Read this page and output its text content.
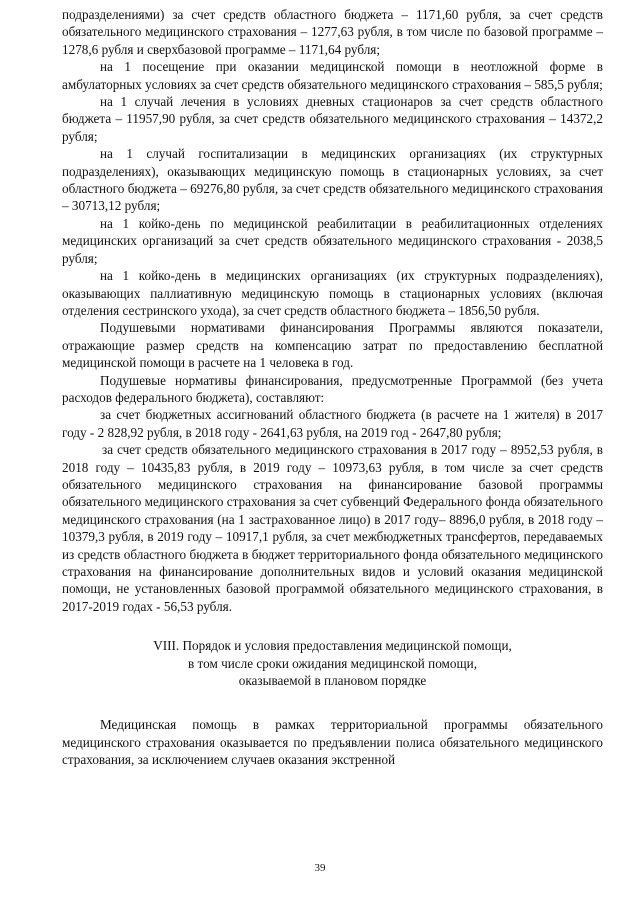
подразделениями) за счет средств областного бюджета – 1171,60 рубля, за счет средств обязательного медицинского страхования – 1277,63 рубля, в том числе по базовой программе – 1278,6 рубля и сверхбазовой программе – 1171,64 рубля;

на 1 посещение при оказании медицинской помощи в неотложной форме в амбулаторных условиях за счет средств обязательного медицинского страхования – 585,5 рубля;

на 1 случай лечения в условиях дневных стационаров за счет средств областного бюджета – 11957,90 рубля, за счет средств обязательного медицинского страхования – 14372,2 рубля;

на 1 случай госпитализации в медицинских организациях (их структурных подразделениях), оказывающих медицинскую помощь в стационарных условиях, за счет областного бюджета – 69276,80 рубля, за счет средств обязательного медицинского страхования – 30713,12 рубля;

на 1 койко-день по медицинской реабилитации в реабилитационных отделениях медицинских организаций за счет средств обязательного медицинского страхования - 2038,5 рубля;

на 1 койко-день в медицинских организациях (их структурных подразделениях), оказывающих паллиативную медицинскую помощь в стационарных условиях (включая отделения сестринского ухода), за счет средств областного бюджета – 1856,50 рубля.

Подушевыми нормативами финансирования Программы являются показатели, отражающие размер средств на компенсацию затрат по предоставлению бесплатной медицинской помощи в расчете на 1 человека в год.

Подушевые нормативы финансирования, предусмотренные Программой (без учета расходов федерального бюджета), составляют:

за счет бюджетных ассигнований областного бюджета (в расчете на 1 жителя) в 2017 году - 2 828,92 рубля, в 2018 году - 2641,63 рубля, на 2019 год - 2647,80 рубля;

за счет средств обязательного медицинского страхования в 2017 году – 8952,53 рубля, в 2018 году – 10435,83 рубля, в 2019 году – 10973,63 рубля, в том числе за счет средств обязательного медицинского страхования на финансирование базовой программы обязательного медицинского страхования за счет субвенций Федерального фонда обязательного медицинского страхования (на 1 застрахованное лицо) в 2017 году– 8896,0 рубля, в 2018 году – 10379,3 рубля, в 2019 году – 10917,1 рубля, за счет межбюджетных трансфертов, передаваемых из средств областного бюджета в бюджет территориального фонда обязательного медицинского страхования на финансирование дополнительных видов и условий оказания медицинской помощи, не установленных базовой программой обязательного медицинского страхования, в 2017-2019 годах - 56,53 рубля.

VIII. Порядок и условия предоставления медицинской помощи,
в том числе сроки ожидания медицинской помощи,
оказываемой в плановом порядке

Медицинская помощь в рамках территориальной программы обязательного медицинского страхования оказывается по предъявлении полиса обязательного медицинского страхования, за исключением случаев оказания экстренной

39
